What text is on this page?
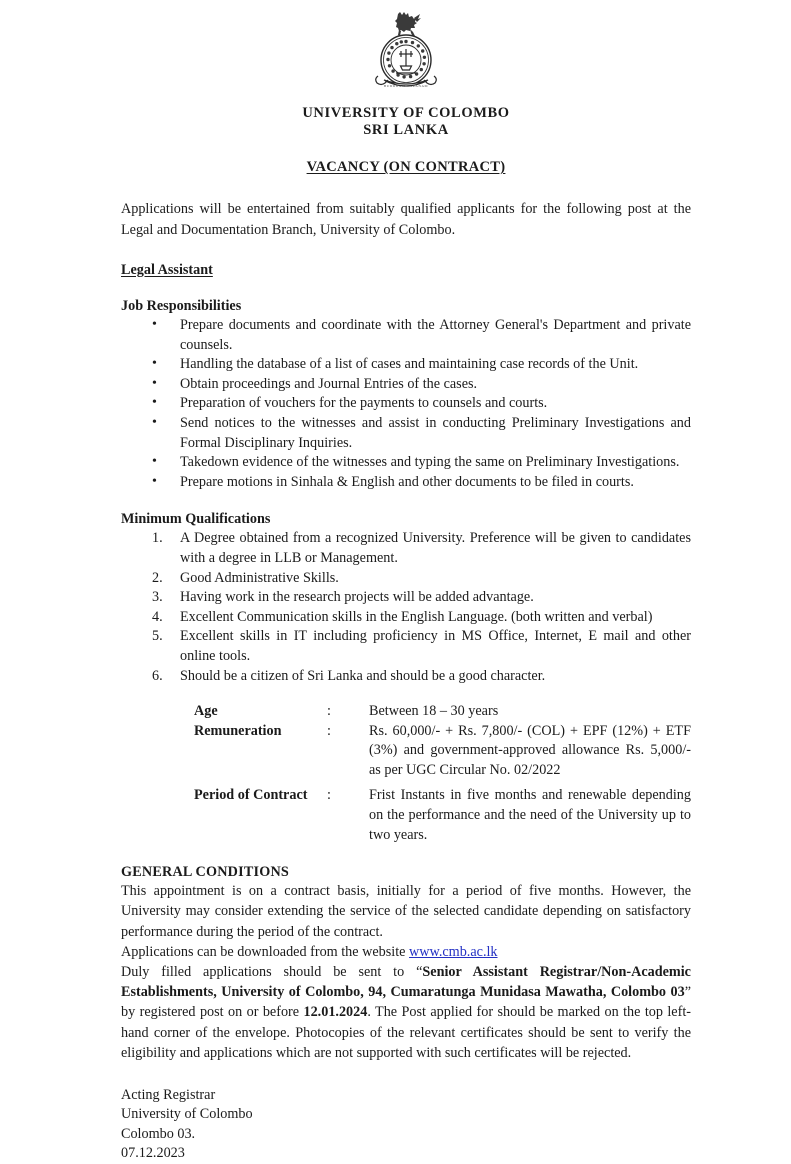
BUDDHAM SARANAM
UNIVERSITY OF COLOMBO
SRI LANKA
VACANCY (ON CONTRACT)

Applications will be entertained from suitably qualified applicants for the following post at the Legal and Documentation Branch, University of Colombo.

Legal Assistant
Job Responsibilities
• Prepare documents and coordinate with the Attorney General's Department and private counsels.
• Handling the database of a list of cases and maintaining case records of the Unit.
• Obtain proceedings and Journal Entries of the cases.
• Preparation of vouchers for the payments to counsels and courts.
• Send notices to the witnesses and assist in conducting Preliminary Investigations and Formal Disciplinary Inquiries.
• Takedown evidence of the witnesses and typing the same on Preliminary Investigations.
• Prepare motions in Sinhala & English and other documents to be filed in courts.
Minimum Qualifications
A Degree obtained from a recognized University. Preference will be given to candidates with a degree in LLB or Management.
Good Administrative Skills.
Having work in the research projects will be added advantage.
Excellent Communication skills in the English Language. (both written and verbal)
Excellent skills in IT including proficiency in MS Office, Internet, E mail and other online tools.
Should be a citizen of Sri Lanka and should be a good character.
Age	:	Between 18 – 30 years
Remuneration	:	Rs. 60,000/- + Rs. 7,800/- (COL) + EPF (12%) + ETF (3%) and government-approved allowance Rs. 5,000/- as per UGC Circular No. 02/2022

Period of Contract	:	Frist Instants in five months and renewable depending on the performance and the need of the University up to two years.
GENERAL CONDITIONS

This appointment is on a contract basis, initially for a period of five months. However, the University may consider extending the service of the selected candidate depending on satisfactory performance during the period of the contract.

Applications can be downloaded from the website www.cmb.ac.lk

Duly filled applications should be sent to “Senior Assistant Registrar/Non-Academic Establishments, University of Colombo, 94, Cumaratunga Munidasa Mawatha, Colombo 03” by registered post on or before 12.01.2024. The Post applied for should be marked on the top left-hand corner of the envelope. Photocopies of the relevant certificates should be sent to verify the eligibility and applications which are not supported with such certificates will be rejected.

Acting Registrar
University of Colombo
Colombo 03.
07.12.2023
